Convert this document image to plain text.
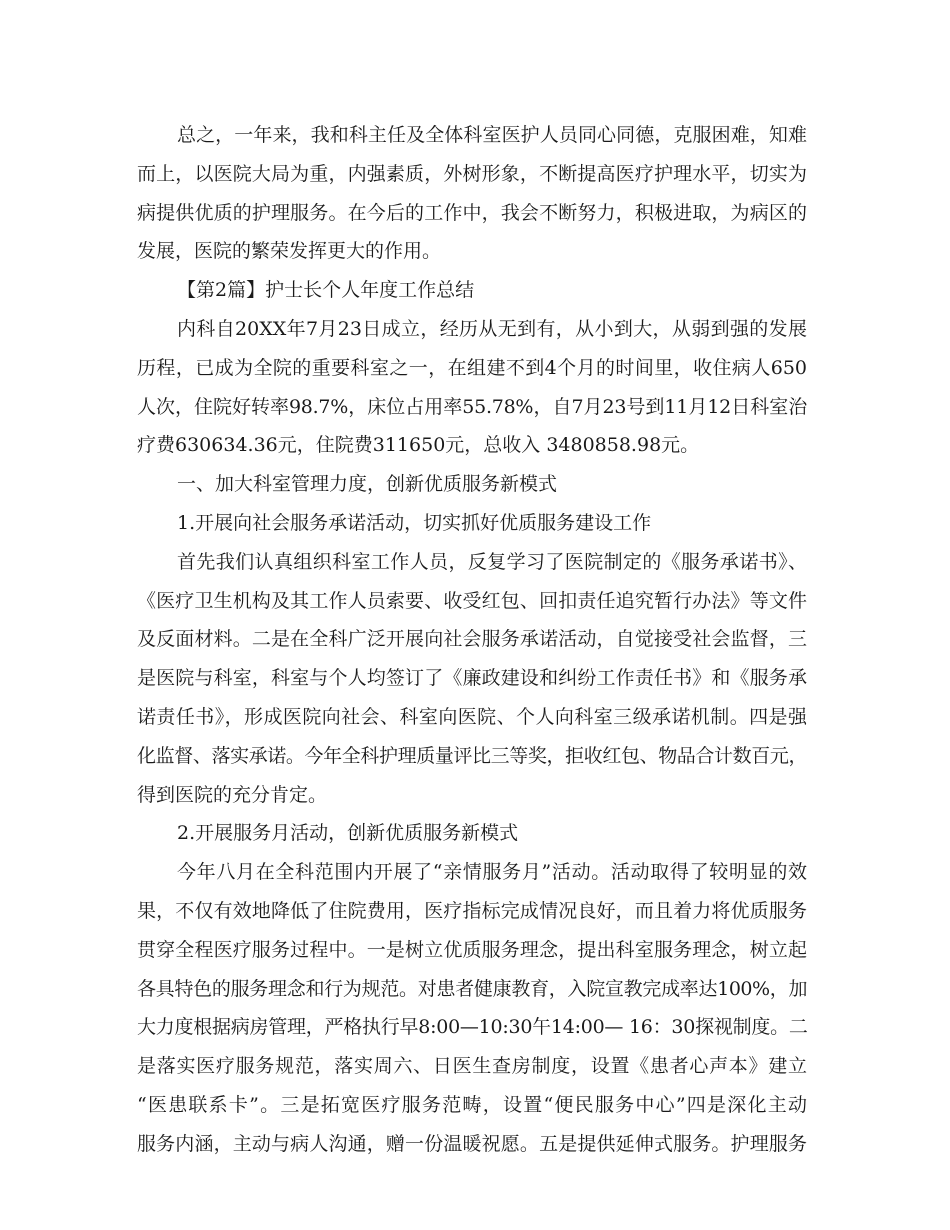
总之，一年来，我和科主任及全体科室医护人员同心同德，克服困难，知难
而上，以医院大局为重，内强素质，外树形象，不断提高医疗护理水平，切实为
病提供优质的护理服务。在今后的工作中，我会不断努力，积极进取，为病区的
发展，医院的繁荣发挥更大的作用。
【第2篇】护士长个人年度工作总结
内科自20XX年7月23日成立，经历从无到有，从小到大，从弱到强的发展
历程，已成为全院的重要科室之一，在组建不到4个月的时间里，收住病人650
人次，住院好转率98.7%，床位占用率55.78%，自7月23号到11月12日科室治
疗费630634.36元，住院费311650元，总收入 3480858.98元。
一、加大科室管理力度，创新优质服务新模式
1.开展向社会服务承诺活动，切实抓好优质服务建设工作
首先我们认真组织科室工作人员，反复学习了医院制定的《服务承诺书》、
《医疗卫生机构及其工作人员索要、收受红包、回扣责任追究暂行办法》等文件
及反面材料。二是在全科广泛开展向社会服务承诺活动，自觉接受社会监督，三
是医院与科室，科室与个人均签订了《廉政建设和纠纷工作责任书》和《服务承
诺责任书》，形成医院向社会、科室向医院、个人向科室三级承诺机制。四是强
化监督、落实承诺。今年全科护理质量评比三等奖，拒收红包、物品合计数百元，
得到医院的充分肯定。
2.开展服务月活动，创新优质服务新模式
今年八月在全科范围内开展了“亲情服务月”活动。活动取得了较明显的效
果，不仅有效地降低了住院费用，医疗指标完成情况良好，而且着力将优质服务
贯穿全程医疗服务过程中。一是树立优质服务理念，提出科室服务理念，树立起
各具特色的服务理念和行为规范。对患者健康教育，入院宣教完成率达100%，加
大力度根据病房管理，严格执行早8:00—10:30午14:00— 16：30探视制度。二
是落实医疗服务规范，落实周六、日医生查房制度，设置《患者心声本》建立
“医患联系卡”。三是拓宽医疗服务范畴，设置“便民服务中心”四是深化主动
服务内涵，主动与病人沟通，赠一份温暖祝愿。五是提供延伸式服务。护理服务
